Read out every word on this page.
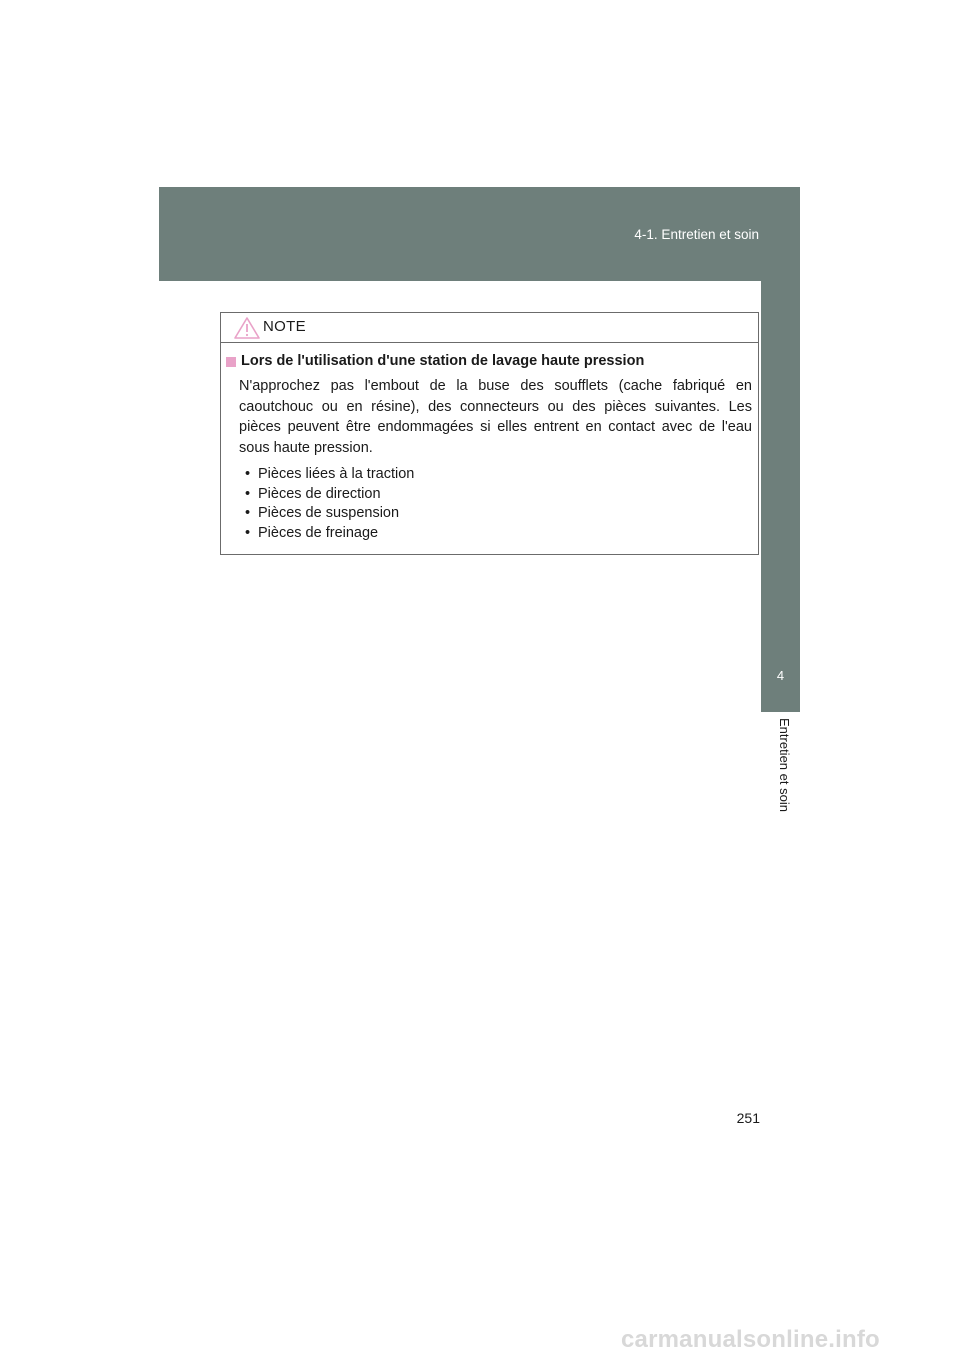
4-1. Entretien et soin
4
Entretien et soin
NOTE
Lors de l'utilisation d'une station de lavage haute pression
N'approchez pas l'embout de la buse des soufflets (cache fabriqué en caoutchouc ou en résine), des connecteurs ou des pièces suivantes. Les pièces peuvent être endommagées si elles entrent en contact avec de l'eau sous haute pression.
• Pièces liées à la traction
• Pièces de direction
• Pièces de suspension
• Pièces de freinage
251
carmanualsonline.info
